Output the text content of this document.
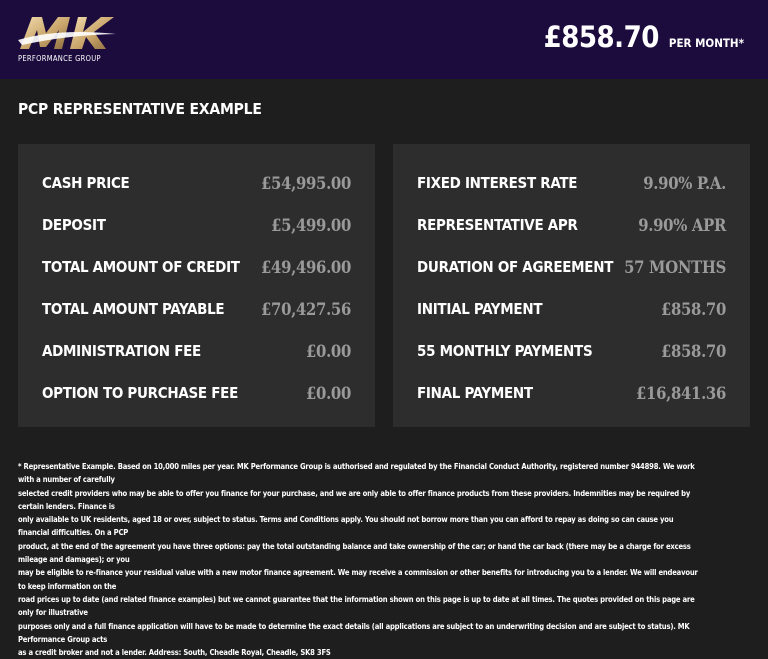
PERFORMANCE GROUP
£858.70 PER MONTH*
PCP REPRESENTATIVE EXAMPLE
CASH PRICE	£54,995.00
DEPOSIT	£5,499.00
TOTAL AMOUNT OF CREDIT £49,496.00
TOTAL AMOUNT PAYABLE £70,427.56
ADMINISTRATION FEE	£0.00
OPTION TO PURCHASE FEE	£0.00
FIXED INTEREST RATE	9.90% P.A.
REPRESENTATIVE APR	9.90% APR
DURATION OF AGREEMENT 57 MONTHS
INITIAL PAYMENT	£858.70
55 MONTHLY PAYMENTS	£858.70
FINAL PAYMENT	£16,841.36
* Representative Example. Based on 10,000 miles per year. MK Performance Group is authorised and regulated by the Financial Conduct Authority, registered number 944898. We work with a number of carefully
selected credit providers who may be able to offer you finance for your purchase, and we are only able to offer finance products from these providers. Indemnities may be required by certain lenders. Finance is
only available to UK residents, aged 18 or over, subject to status. Terms and Conditions apply. You should not borrow more than you can afford to repay as doing so can cause you financial difficulties. On a PCP
product, at the end of the agreement you have three options: pay the total outstanding balance and take ownership of the car; or hand the car back (there may be a charge for excess mileage and damages); or you
may be eligible to re-finance your residual value with a new motor finance agreement. We may receive a commission or other benefits for introducing you to a lender. We will endeavour to keep information on the
road prices up to date (and related finance examples) but we cannot guarantee that the information shown on this page is up to date at all times. The quotes provided on this page are only for illustrative
purposes only and a full finance application will have to be made to determine the exact details (all applications are subject to an underwriting decision and are subject to status). MK Performance Group acts
as a credit broker and not a lender. Address: South, Cheadle Royal, Cheadle, SK8 3FS
